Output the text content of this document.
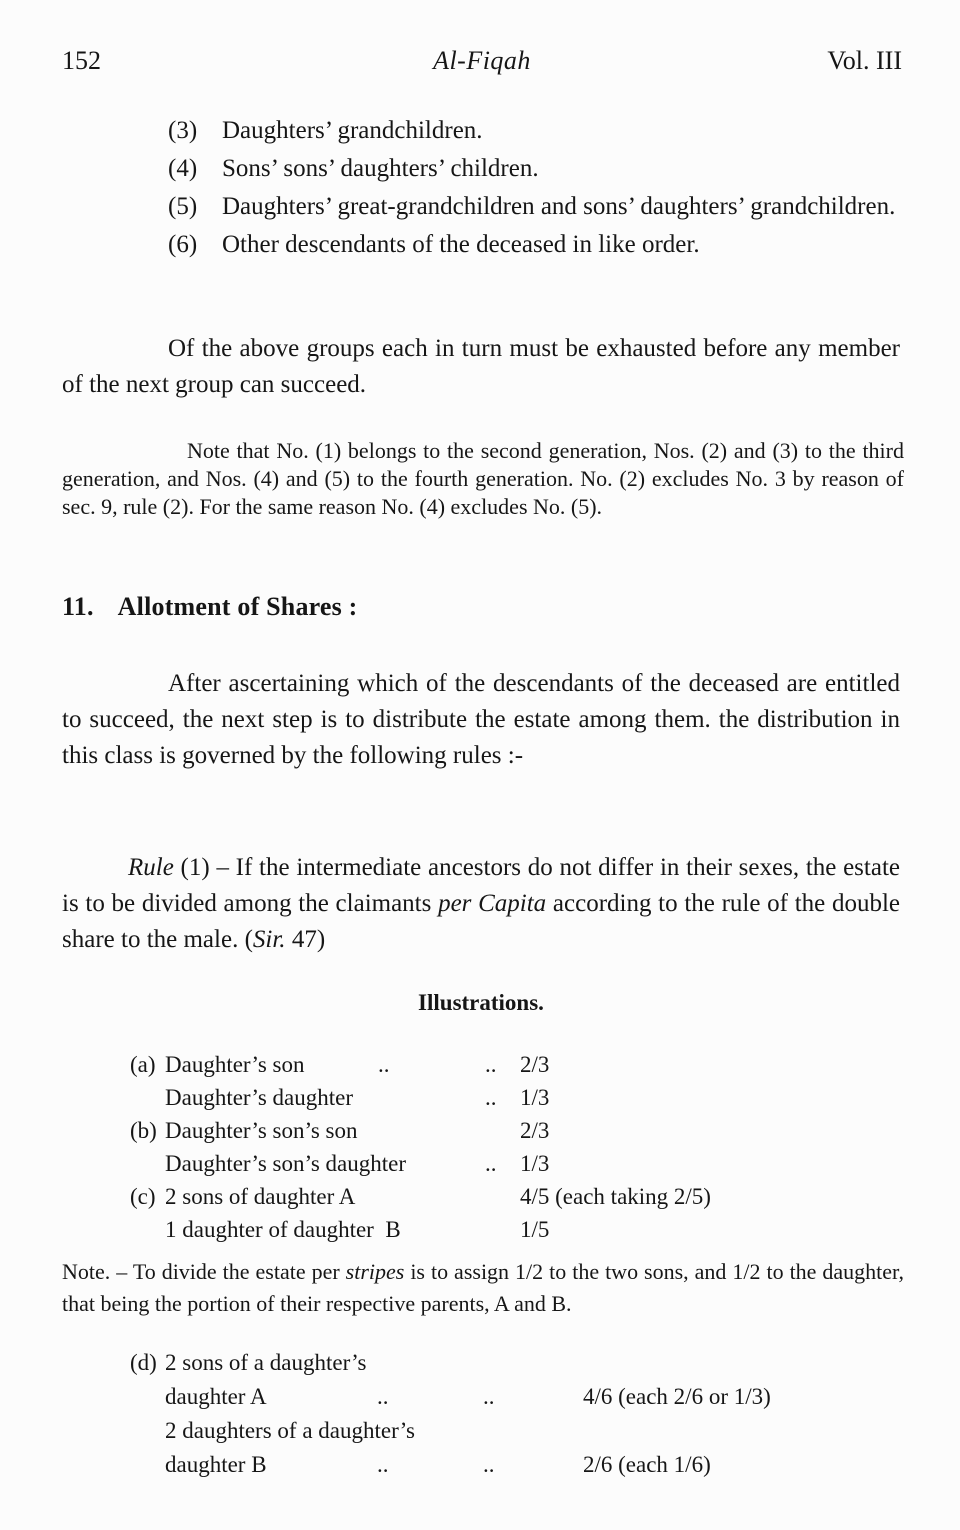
152	Al-Fiqah	Vol. III
(3) Daughters’ grandchildren.
(4) Sons’ sons’ daughters’ children.
(5) Daughters’ great-grandchildren and sons’ daughters’ grandchildren.
(6) Other descendants of the deceased in like order.
Of the above groups each in turn must be exhausted before any member of the next group can succeed.
Note that No. (1) belongs to the second generation, Nos. (2) and (3) to the third generation, and Nos. (4) and (5) to the fourth generation. No. (2) excludes No. 3 by reason of sec. 9, rule (2). For the same reason No. (4) excludes No. (5).
11. Allotment of Shares :
After ascertaining which of the descendants of the deceased are entitled to succeed, the next step is to distribute the estate among them. the distribution in this class is governed by the following rules :-
Rule (1) – If the intermediate ancestors do not differ in their sexes, the estate is to be divided among the claimants per Capita according to the rule of the double share to the male. (Sir. 47)
Illustrations.
(a) Daughter’s son	..	.. 2/3
Daughter’s daughter	.. 1/3
(b) Daughter’s son’s son	2/3
Daughter’s son’s daughter	.. 1/3
(c) 2 sons of daughter A	4/5 (each taking 2/5)
1 daughter of daughter  B	1/5
Note. – To divide the estate per stripes is to assign 1/2 to the two sons, and 1/2 to the daughter, that being the portion of their respective parents, A and B.
(d) 2 sons of a daughter’s
daughter A	..	..	4/6 (each 2/6 or 1/3)
2 daughters of a daughter’s
daughter B	..	..	2/6 (each 1/6)
